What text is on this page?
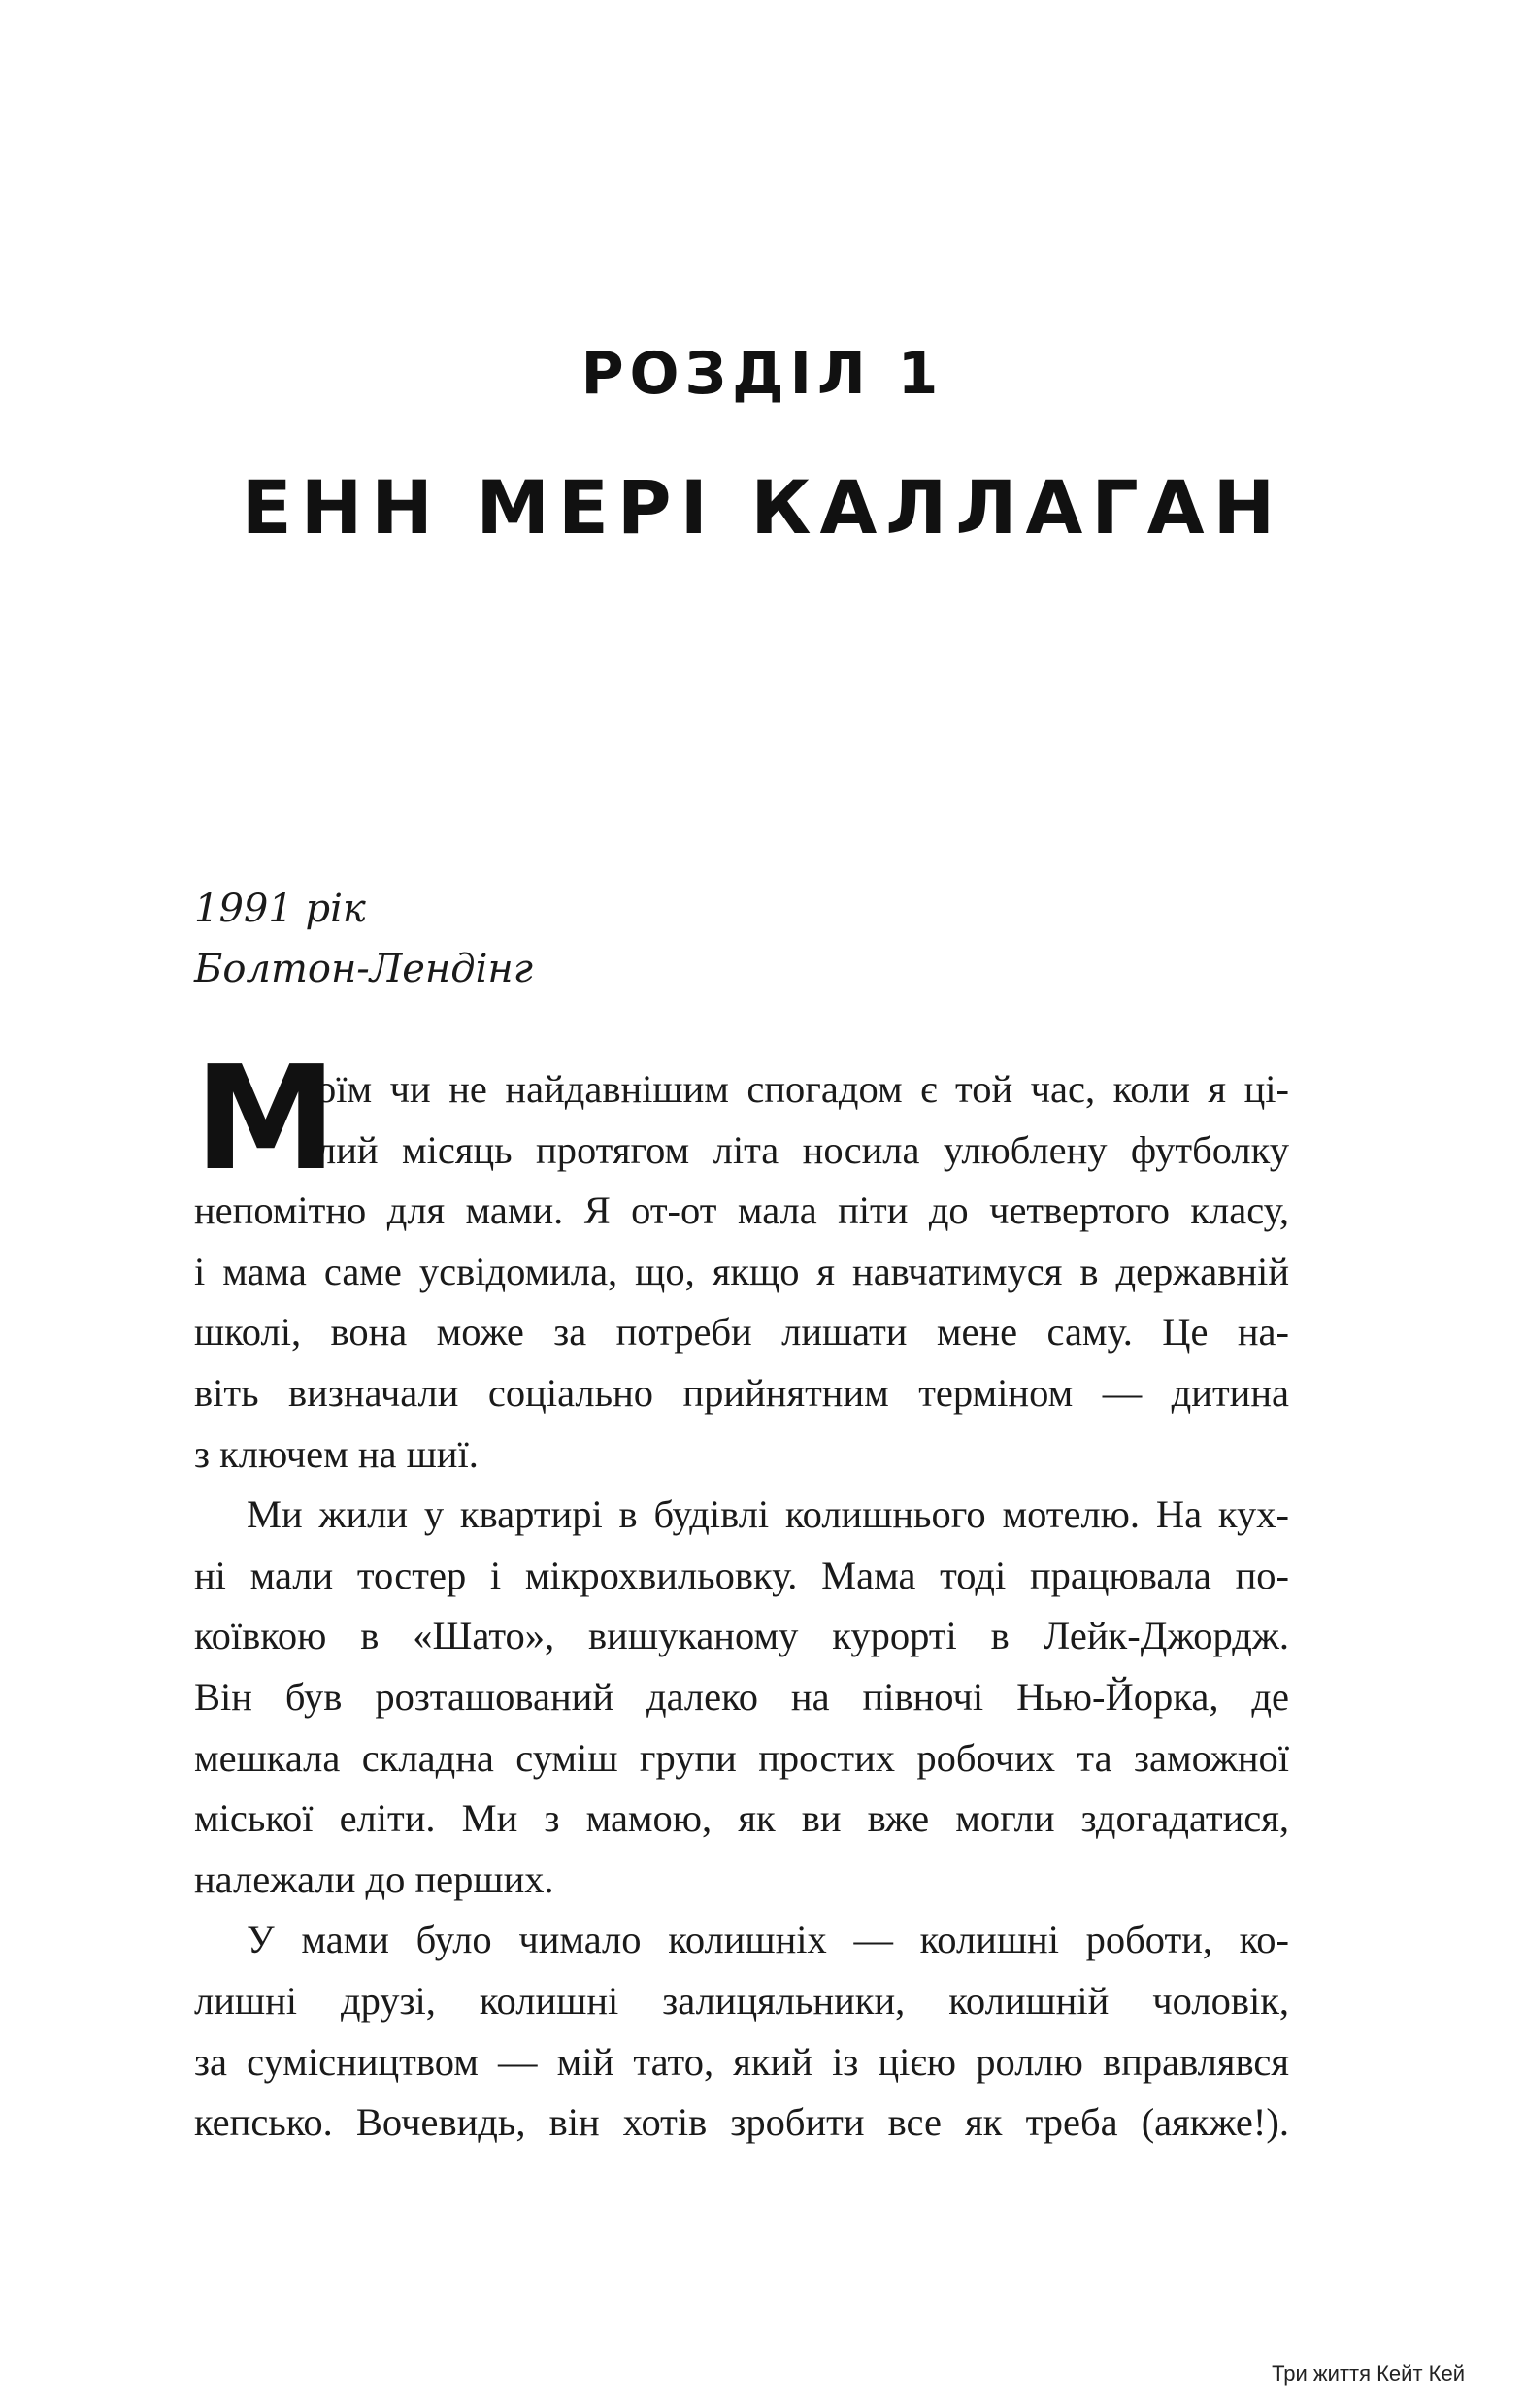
РОЗДІЛ 1
ЕНН МЕРІ КАЛЛАГАН
1991 рік
Болтон-Лендінг
М
оїм чи не найдавнішим спогадом є той час, коли я ці-
лий місяць протягом літа носила улюблену футболку
непомітно для мами. Я от-от мала піти до четвертого класу,
і мама саме усвідомила, що, якщо я навчатимуся в державній
школі, вона може за потреби лишати мене саму. Це на-
віть визначали соціально прийнятним терміном — дитина
з ключем на шиї.
Ми жили у квартирі в будівлі колишнього мотелю. На кух-
ні мали тостер і мікрохвильовку. Мама тоді працювала по-
коївкою в «Шато», вишуканому курорті в Лейк-Джордж.
Він був розташований далеко на півночі Нью-Йорка, де
мешкала складна суміш групи простих робочих та заможної
міської еліти. Ми з мамою, як ви вже могли здогадатися,
належали до перших.
У мами було чимало колишніх — колишні роботи, ко-
лишні друзі, колишні залицяльники, колишній чоловік,
за сумісництвом — мій тато, який із цією роллю вправлявся
кепсько. Вочевидь, він хотів зробити все як треба (аякже!).
Три життя Кейт Кей
